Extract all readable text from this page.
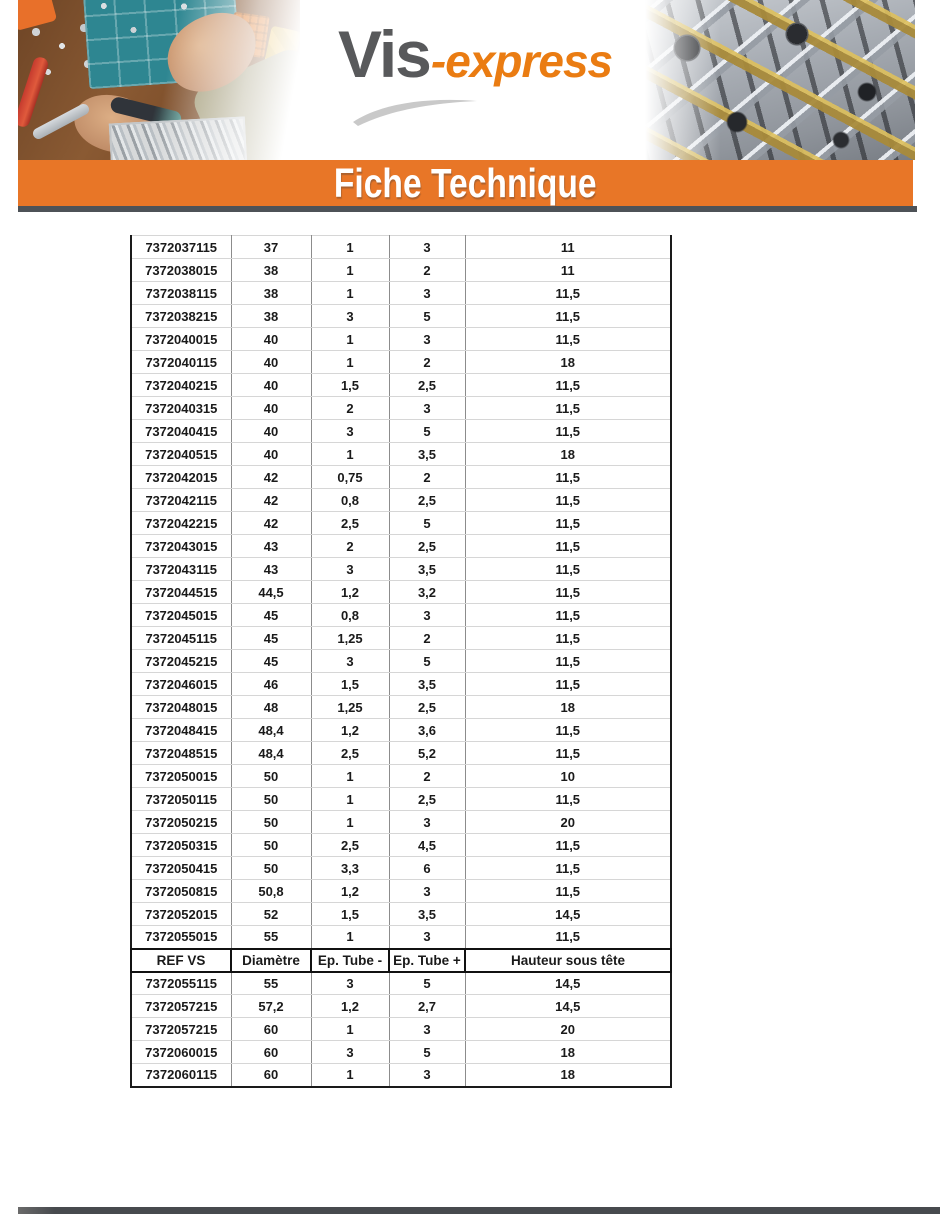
Vis -express
Fiche Technique
7372037115	37	1	3	11
7372038015	38	1	2	11
7372038115	38	1	3	11,5
7372038215	38	3	5	11,5
7372040015	40	1	3	11,5
7372040115	40	1	2	18
7372040215	40	1,5	2,5	11,5
7372040315	40	2	3	11,5
7372040415	40	3	5	11,5
7372040515	40	1	3,5	18
7372042015	42	0,75	2	11,5
7372042115	42	0,8	2,5	11,5
7372042215	42	2,5	5	11,5
7372043015	43	2	2,5	11,5
7372043115	43	3	3,5	11,5
7372044515	44,5	1,2	3,2	11,5
7372045015	45	0,8	3	11,5
7372045115	45	1,25	2	11,5
7372045215	45	3	5	11,5
7372046015	46	1,5	3,5	11,5
7372048015	48	1,25	2,5	18
7372048415	48,4	1,2	3,6	11,5
7372048515	48,4	2,5	5,2	11,5
7372050015	50	1	2	10
7372050115	50	1	2,5	11,5
7372050215	50	1	3	20
7372050315	50	2,5	4,5	11,5
7372050415	50	3,3	6	11,5
7372050815	50,8	1,2	3	11,5
7372052015	52	1,5	3,5	14,5
7372055015	55	1	3	11,5
REF VS	Diamètre	Ep. Tube -	Ep. Tube +	Hauteur sous tête
7372055115	55	3	5	14,5
7372057215	57,2	1,2	2,7	14,5
7372057215	60	1	3	20
7372060015	60	3	5	18
7372060115	60	1	3	18
